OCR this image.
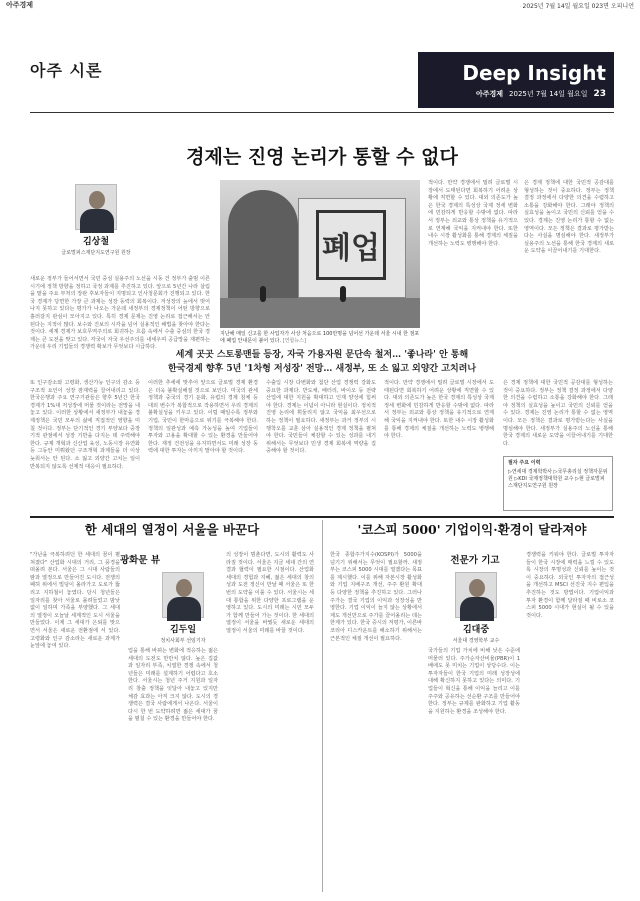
아주경제	2025년 7월 14일 월요일 023면 오피니언
아주 시론	Deep Insight
아주경제 2025년 7월 14일 월요일 23
경제는 진영 논리가 통할 수 없다
김상철
글로벌피스재단지도연구원 원장

새로운 정부가 들어서면서 국민 중심 실용주의 노선을 시동 건 정부가 출범 이른 시기에 정책 방향을 정하고 국정 과제를 추진하고 있다. 앞으로 5년간 나라 살림을 맡을 주요 부처의 장관 후보자들이 지명되고 인사청문회가 진행되고 있다. 한국 경제가 당면한 가장 큰 과제는 성장 동력의 회복이다. 저성장의 늪에서 벗어나지 못하고 있다는 평가가 나오는 가운데 새정부의 경제정책이 어떤 방향으로 흘러갈지 관심이 모아지고 있다. 특히 경제 문제는 진영 논리로 접근해서는 안 된다는 지적이 많다. 보수와 진보의 시각을 넘어 실용적인 해법을 찾아야 한다는 것이다. 세계 경제가 보호무역주의로 회귀하는 흐름 속에서 수출 중심의 한국 경제는 큰 도전을 맞고 있다. 각국이 자국 우선주의를 내세우며 공급망을 재편하는 가운데 우리 기업들의 경쟁력 확보가 무엇보다 시급하다.

폐업
지난해 매일 신고를 한 사업자가 사상 처음으로 100만명을 넘어선 가운데 서울 시내 한 점포에 폐업 안내문이 붙어 있다. [연합뉴스]

적이다. 만약 경쟁에서 밀려 글로벌 시장에서 도태된다면 회복하기 어려운 상황에 직면할 수 있다. 대외 의존도가 높은 한국 경제의 특성상 국제 정세 변화에 민감하게 반응할 수밖에 없다. 따라서 정부는 외교와 통상 정책을 유기적으로 연계해 국익을 지켜내야 한다. 또한 내수 시장 활성화를 통해 경제의 체질을 개선하는 노력도 병행해야 한다.

은 경제 정책에 대한 국민적 공감대를 형성하는 것이 중요하다. 정부는 정책 결정 과정에서 다양한 의견을 수렴하고 소통을 강화해야 한다. 그래야 정책의 실효성을 높이고 국민의 신뢰를 얻을 수 있다. 경제는 진영 논리가 통할 수 없는 영역이다. 모든 정책은 결과로 평가받는다는 사실을 명심해야 한다. 새정부가 실용주의 노선을 통해 한국 경제의 새로운 도약을 이끌어내기를 기대한다.

세계 곳곳 스토롱맨들 등장, 자국 가용자원 문단속 철저… '좋나라' 안 통해
한국경제 향후 5년 '1차형 저성장' 전망… 새정부, 또 소 잃고 외양간 고치려나

또 인구감소와 고령화, 생산가능 인구의 감소 등 구조적 요인이 성장 잠재력을 끌어내리고 있다. 한국은행과 주요 연구기관들은 향후 5년간 한국 경제가 1%대 저성장에 머물 것이라는 전망을 내놓고 있다. 이러한 상황에서 새정부가 내놓을 경제정책은 국민 모두의 삶에 직접적인 영향을 미칠 것이다. 정부는 단기적인 경기 부양보다 중장기적 관점에서 성장 기반을 다지는 데 주력해야 한다. 규제 개혁과 신산업 육성, 노동시장 유연화 등 그동안 미뤄왔던 구조개혁 과제들을 더 이상 늦춰서는 안 된다. 소 잃고 외양간 고치는 일이 반복되지 않도록 선제적 대응이 필요하다.

이러한 추세에 맞추어 앞으로 글로벌 경제 환경은 더욱 불확실해질 것으로 보인다. 미국의 관세 정책과 중국의 경기 둔화, 유럽의 경제 침체 등 대외 변수가 복합적으로 작용하면서 우리 경제의 불확실성을 키우고 있다. 이럴 때일수록 정부와 기업, 국민이 한마음으로 위기를 극복해야 한다. 정책의 일관성과 예측 가능성을 높여 기업들이 투자와 고용을 확대할 수 있는 환경을 만들어야 한다. 재정 건전성을 유지하면서도 미래 성장 동력에 대한 투자는 아끼지 말아야 할 것이다.

수출입 시장 다변화와 첨단 산업 경쟁력 강화도 중요한 과제다. 반도체, 배터리, 바이오 등 전략 산업에 대한 지원을 확대하고 인재 양성에 힘써야 한다. 경제는 이념이 아니라 현실이다. 정치적 진영 논리에 휘둘리지 않고 국익을 최우선으로 하는 정책이 필요하다. 새정부는 과거 정부의 시행착오를 교훈 삼아 실용적인 경제 정책을 펼쳐야 한다. 국민들이 체감할 수 있는 성과를 내기 위해서는 무엇보다 민생 경제 회복에 역량을 집중해야 할 것이다.

적이다. 만약 경쟁에서 밀려 글로벌 시장에서 도태된다면 회복하기 어려운 상황에 직면할 수 있다. 대외 의존도가 높은 한국 경제의 특성상 국제 정세 변화에 민감하게 반응할 수밖에 없다. 따라서 정부는 외교와 통상 정책을 유기적으로 연계해 국익을 지켜내야 한다. 또한 내수 시장 활성화를 통해 경제의 체질을 개선하는 노력도 병행해야 한다.

은 경제 정책에 대한 국민적 공감대를 형성하는 것이 중요하다. 정부는 정책 결정 과정에서 다양한 의견을 수렴하고 소통을 강화해야 한다. 그래야 정책의 실효성을 높이고 국민의 신뢰를 얻을 수 있다. 경제는 진영 논리가 통할 수 없는 영역이다. 모든 정책은 결과로 평가받는다는 사실을 명심해야 한다. 새정부가 실용주의 노선을 통해 한국 경제의 새로운 도약을 이끌어내기를 기대한다.

필자 주요 이력
▷연세대 경제학박사 ▷국무총리실 정책자문위원 ▷KDI 국제정책대학원 교수 ▷현 글로벌피스재단지도연구원 원장
한 세대의 열정이 서울을 바꾼다
광화문 뷰
김두일
정치사회부 선임기자

"가난을 극복하려던 한 세대의 꿈이 펼쳐졌다" 산업화 시대의 거리, 그 풍경을 떠올려 본다. 서울은 그 시대 사람들의 땀과 열정으로 만들어진 도시다. 전쟁의 폐허 위에서 빌딩이 올라가고 도로가 뚫리고 지하철이 놓였다. 당시 청년들은 일자리를 찾아 서울로 몰려들었고 밤낮없이 일하며 가족을 부양했다. 그 세대의 열정이 오늘날 세계적인 도시 서울을 만들었다. 이제 그 세대가 은퇴를 맞으면서 서울은 새로운 전환점에 서 있다. 고령화와 인구 감소라는 새로운 과제가 눈앞에 놓여 있다.

업을 통해 바뀌는 변화에 적응하는 젊은 세대의 도전도 만만치 않다. 높은 집값과 일자리 부족, 치열한 경쟁 속에서 청년들은 미래를 설계하기 어렵다고 호소한다. 서울시는 청년 주거 지원과 일자리 창출 정책을 잇달아 내놓고 있지만 체감 효과는 아직 크지 않다. 도시의 경쟁력은 결국 사람에게서 나온다. 서울이 다시 한 번 도약하려면 젊은 세대가 꿈을 펼칠 수 있는 환경을 만들어야 한다.

의 성장이 멈춘다면, 도시의 활력도 사라질 것이다. 서울은 지금 세대 간의 연결과 협력이 필요한 시점이다. 산업화 세대의 경험과 지혜, 젊은 세대의 창의성과 도전 정신이 만날 때 서울은 또 한 번의 도약을 이룰 수 있다. 서울시는 세대 통합을 위한 다양한 프로그램을 운영하고 있다. 도시의 미래는 시민 모두가 함께 만들어 가는 것이다. 한 세대의 열정이 서울을 바꿨듯 새로운 세대의 열정이 서울의 미래를 바꿀 것이다.

'코스피 5000' 기업이익·환경이 달라져야
전문가 기고
김대중
서울대 경영학부 교수

한국 종합주가지수(KOSPI)가 5000을 넘기기 위해서는 무엇이 필요할까. 새정부는 코스피 5000 시대를 열겠다는 목표를 제시했다. 이를 위해 자본시장 활성화와 기업 지배구조 개선, 주주 환원 확대 등 다양한 정책을 추진하고 있다. 그러나 주가는 결국 기업의 이익과 성장성을 반영한다. 기업 이익이 늘지 않는 상황에서 제도 개선만으로 주가를 끌어올리는 데는 한계가 있다. 한국 증시의 저평가, 이른바 코리아 디스카운트를 해소하기 위해서는 근본적인 체질 개선이 필요하다.

국가들의 기업 가치에 비해 낮은 수준에 머물러 있다. 주가순자산비율(PBR)이 1배에도 못 미치는 기업이 상당수다. 이는 투자자들이 한국 기업의 미래 성장성에 대해 확신하지 못하고 있다는 의미다. 기업들이 혁신을 통해 이익을 늘리고 이를 주주와 공유하는 선순환 구조를 만들어야 한다. 정부는 규제를 완화하고 기업 활동을 지원하는 환경을 조성해야 한다.

경쟁력을 키워야 한다. 글로벌 투자자들이 한국 시장에 매력을 느낄 수 있도록 시장의 투명성과 신뢰를 높이는 것이 중요하다. 외국인 투자자의 접근성을 개선하고 MSCI 선진국 지수 편입을 추진하는 것도 방법이다. 기업이익과 투자 환경이 함께 달라질 때 비로소 코스피 5000 시대가 현실이 될 수 있을 것이다.
